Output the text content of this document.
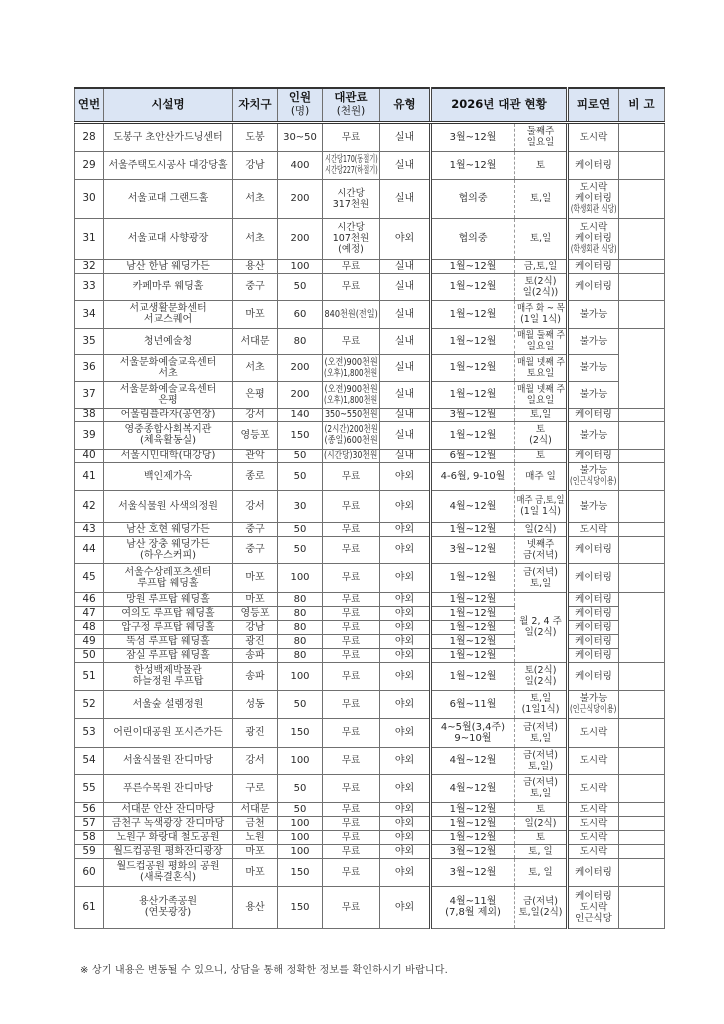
연번	시설명	자치구	인원
(명)	대관료
(천원)	유형	2026년 대관 현황		피로연	비 고

28	도봉구 초안산가드닝센터	도봉	30~50	무료	실내	3월~12월	둘째주
일요일	도시락	

29	서울주택도시공사 대강당홀	강남	400	시간당170(동절기)
시간당227(하절기)	실내	1월~12월	토	케이터링	

30	서울교대 그랜드홀	서초	200	시간당
317천원	실내	협의중	토,일	도시락
케이터링
(학생회관 식당)	

31	서울교대 사향광장	서초	200	시간당
107천원
(예정)	야외	협의중	토,일	도시락
케이터링
(학생회관 식당)	

32	남산 한남 웨딩가든	용산	100	무료	실내	1월~12월	금,토,일	케이터링	

33	카페마루 웨딩홀	중구	50	무료	실내	1월~12월	토(2식)
일(2식))	케이터링	

34	서교생활문화센터
서교스퀘어	마포	60	840천원(전일)	실내	1월~12월	매주 화 ~ 목
(1일 1식)	불가능	

35	청년예술청	서대문	80	무료	실내	1월~12월	매월 둘째 주
일요일	불가능	

36	서울문화예술교육센터
서초	서초	200	(오전)900천원
(오후)1,800천원	실내	1월~12월	매월 넷째 주
토요일	불가능	

37	서울문화예술교육센터
은평	은평	200	(오전)900천원
(오후)1,800천원	실내	1월~12월	매월 넷째 주
일요일	불가능	

38	어울림플라자(공연장)	강서	140	350~550천원	실내	3월~12월	토,일	케이터링	

39	영중종합사회복지관
(체육활동실)	영등포	150	(2시간)200천원
(종일)600천원	실내	1월~12월	토
(2식)	불가능	

40	서울시민대학(대강당)	관악	50	(시간당)30천원	실내	6월~12월	토	케이터링	

41	백인제가옥	종로	50	무료	야외	4-6월, 9-10월	매주 일	불가능
(인근식당이용)	

42	서울식물원 사색의정원	강서	30	무료	야외	4월~12월	매주 금,토,일
(1일 1식)	불가능	

43	남산 호현 웨딩가든	중구	50	무료	야외	1월~12월	일(2식)	도시락	

44	남산 장충 웨딩가든
(하우스커피)	중구	50	무료	야외	3월~12월	넷째주
금(저녁)	케이터링	

45	서울수상레포츠센터
루프탑 웨딩홀	마포	100	무료	야외	1월~12월	금(저녁)
토,일	케이터링	

46	망원 루프탑 웨딩홀	마포	80	무료	야외	1월~12월	월 2, 4 주
일(2식)	케이터링	

47	여의도 루프탑 웨딩홀	영등포	80	무료	야외	1월~12월		케이터링	

48	압구정 루프탑 웨딩홀	강남	80	무료	야외	1월~12월		케이터링	

49	뚝섬 루프탑 웨딩홀	광진	80	무료	야외	1월~12월		케이터링	

50	잠실 루프탑 웨딩홀	송파	80	무료	야외	1월~12월		케이터링	

51	한성백제박물관
하늘정원 루프탑	송파	100	무료	야외	1월~12월	토(2식)
일(2식)	케이터링	

52	서울숲 설렘정원	성동	50	무료	야외	6월~11월	토,일
(1일1식)	불가능
(인근식당이용)	

53	어린이대공원 포시즌가든	광진	150	무료	야외	4~5월(3,4주)
9~10월	금(저녁)
토,일	도시락	

54	서울식물원 잔디마당	강서	100	무료	야외	4월~12월	금(저녁)
토,일)	도시락	

55	푸른수목원 잔디마당	구로	50	무료	야외	4월~12월	금(저녁)
토,일	도시락	

56	서대문 안산 잔디마당	서대문	50	무료	야외	1월~12월	토	도시락	

57	금천구 녹색광장 잔디마당	금천	100	무료	야외	1월~12월	일(2식)	도시락	

58	노원구 화랑대 철도공원	노원	100	무료	야외	1월~12월	토	도시락	

59	월드컵공원 평화잔디광장	마포	100	무료	야외	3월~12월	토, 일	도시락	

60	월드컵공원 평화의 공원
(새록결혼식)	마포	150	무료	야외	3월~12월	토, 일	케이터링	

61	용산가족공원
(연못광장)	용산	150	무료	야외	4월~11월
(7,8월 제외)	금(저녁)
토,일(2식)	케이터링
도시락
인근식당	

※ 상기 내용은 변동될 수 있으니, 상담을 통해 정확한 정보를 확인하시기 바랍니다.
